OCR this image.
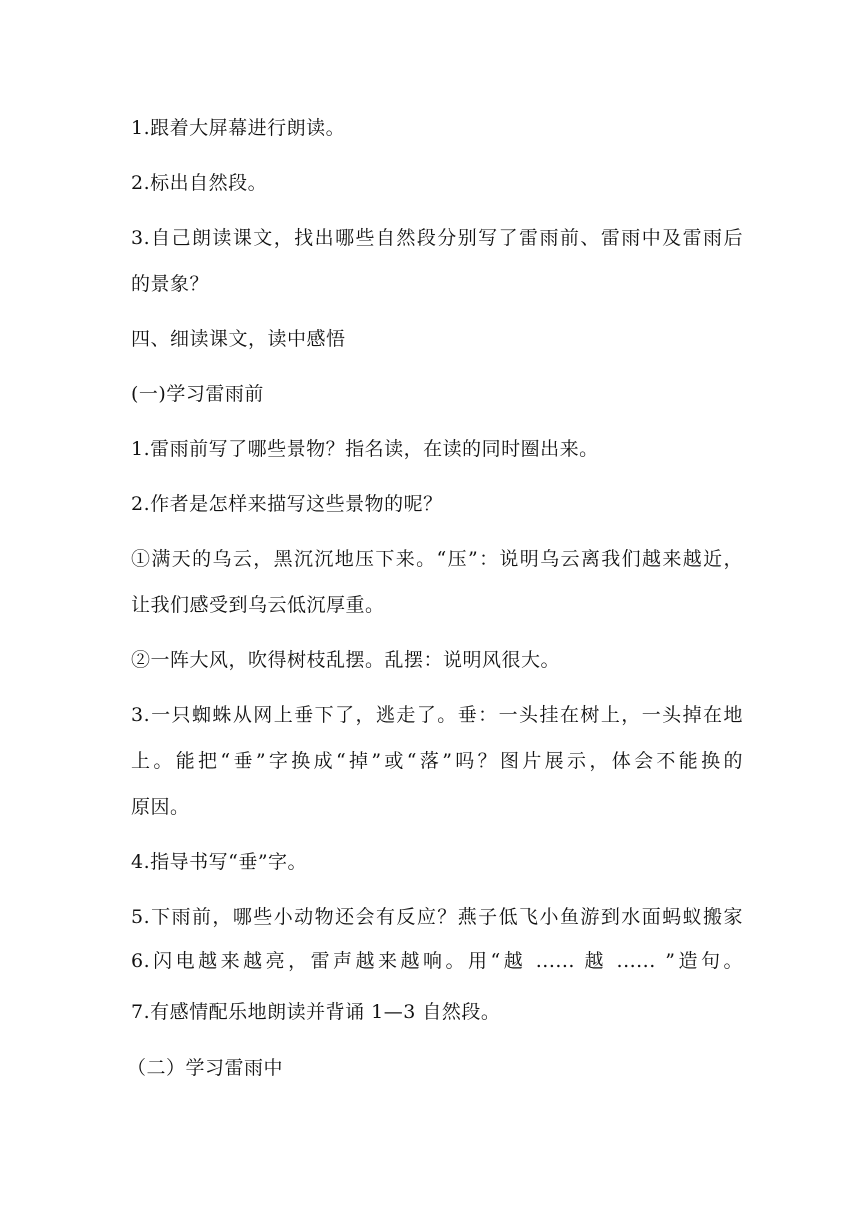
1.跟着大屏幕进行朗读。
2.标出自然段。
3.自己朗读课文，找出哪些自然段分别写了雷雨前、雷雨中及雷雨后
的景象？
四、细读课文，读中感悟
(一)学习雷雨前
1.雷雨前写了哪些景物？指名读，在读的同时圈出来。
2.作者是怎样来描写这些景物的呢？
①满天的乌云，黑沉沉地压下来。“压”：说明乌云离我们越来越近，
让我们感受到乌云低沉厚重。
②一阵大风，吹得树枝乱摆。乱摆：说明风很大。
3.一只蜘蛛从网上垂下了，逃走了。垂：一头挂在树上，一头掉在地
上。能把“垂”字换成“掉”或“落”吗？图片展示，体会不能换的
原因。
4.指导书写“垂”字。
5.下雨前，哪些小动物还会有反应？燕子低飞小鱼游到水面蚂蚁搬家
6.闪电越来越亮，雷声越来越响。用“越 ...... 越 ...... ”造句。
7.有感情配乐地朗读并背诵 1—3 自然段。
（二）学习雷雨中
